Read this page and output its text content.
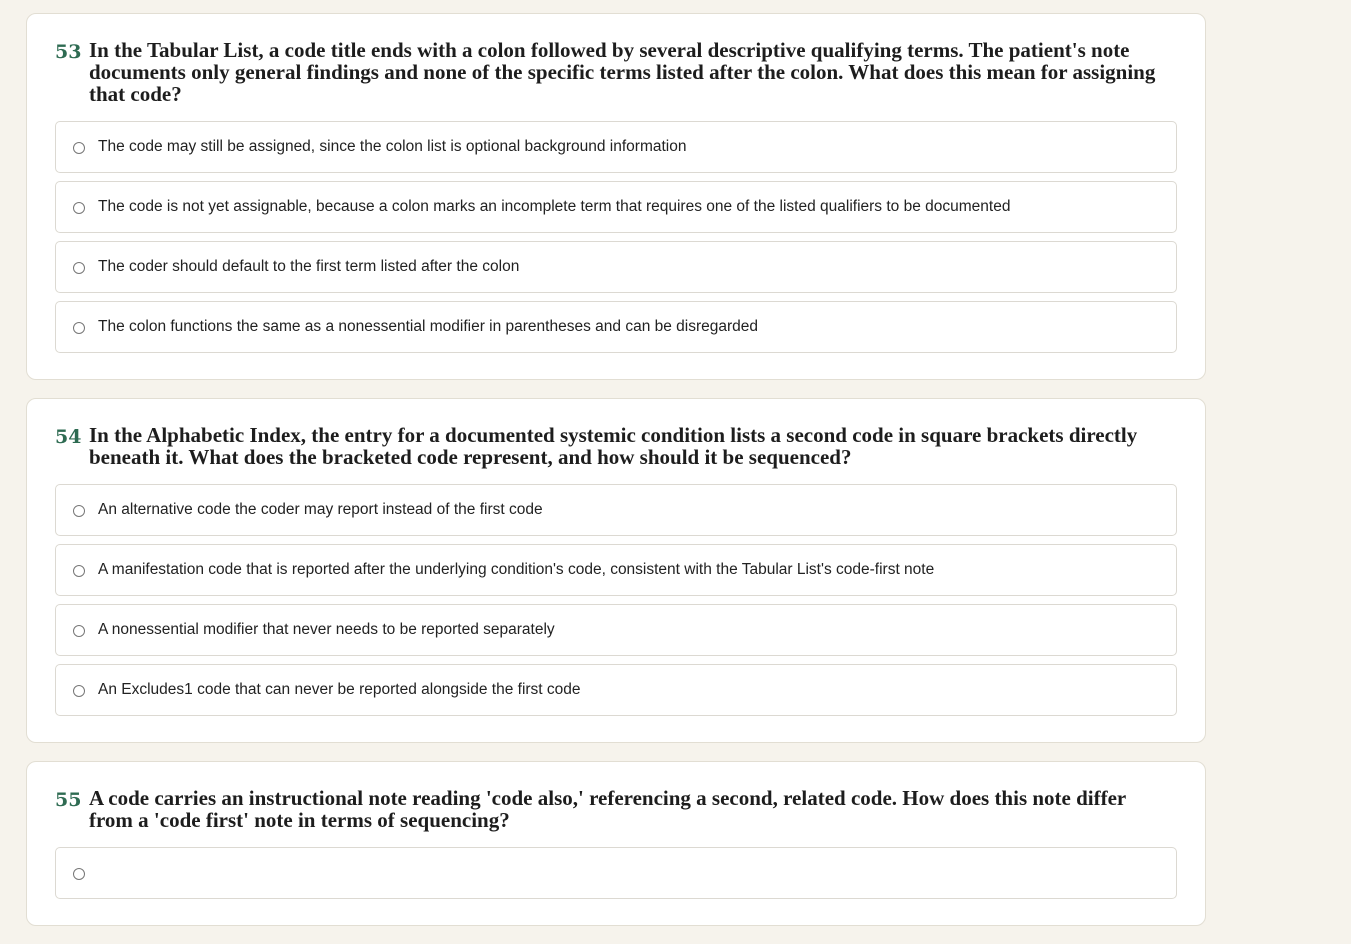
53 In the Tabular List, a code title ends with a colon followed by several descriptive qualifying terms. The patient's note documents only general findings and none of the specific terms listed after the colon. What does this mean for assigning that code?
The code may still be assigned, since the colon list is optional background information
The code is not yet assignable, because a colon marks an incomplete term that requires one of the listed qualifiers to be documented
The coder should default to the first term listed after the colon
The colon functions the same as a nonessential modifier in parentheses and can be disregarded
54 In the Alphabetic Index, the entry for a documented systemic condition lists a second code in square brackets directly beneath it. What does the bracketed code represent, and how should it be sequenced?
An alternative code the coder may report instead of the first code
A manifestation code that is reported after the underlying condition's code, consistent with the Tabular List's code-first note
A nonessential modifier that never needs to be reported separately
An Excludes1 code that can never be reported alongside the first code
55 A code carries an instructional note reading 'code also,' referencing a second, related code. How does this note differ from a 'code first' note in terms of sequencing?
